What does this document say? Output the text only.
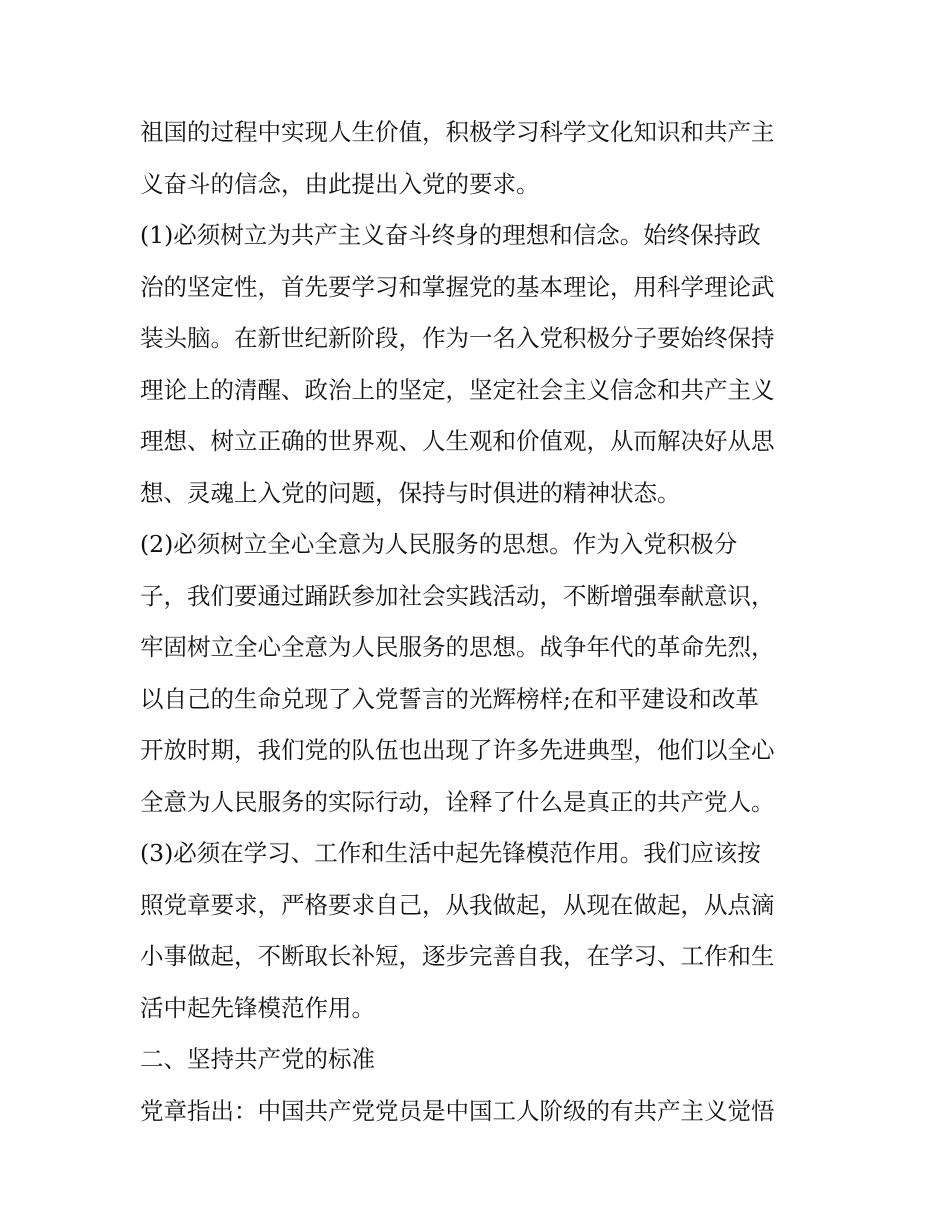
祖国的过程中实现人生价值，积极学习科学文化知识和共产主
义奋斗的信念，由此提出入党的要求。
(1)必须树立为共产主义奋斗终身的理想和信念。始终保持政
治的坚定性，首先要学习和掌握党的基本理论，用科学理论武
装头脑。在新世纪新阶段，作为一名入党积极分子要始终保持
理论上的清醒、政治上的坚定，坚定社会主义信念和共产主义
理想、树立正确的世界观、人生观和价值观，从而解决好从思
想、灵魂上入党的问题，保持与时俱进的精神状态。
(2)必须树立全心全意为人民服务的思想。作为入党积极分
子，我们要通过踊跃参加社会实践活动，不断增强奉献意识，
牢固树立全心全意为人民服务的思想。战争年代的革命先烈，
以自己的生命兑现了入党誓言的光辉榜样;在和平建设和改革
开放时期，我们党的队伍也出现了许多先进典型，他们以全心
全意为人民服务的实际行动，诠释了什么是真正的共产党人。
(3)必须在学习、工作和生活中起先锋模范作用。我们应该按
照党章要求，严格要求自己，从我做起，从现在做起，从点滴
小事做起，不断取长补短，逐步完善自我，在学习、工作和生
活中起先锋模范作用。
二、坚持共产党的标准
党章指出：中国共产党党员是中国工人阶级的有共产主义觉悟
